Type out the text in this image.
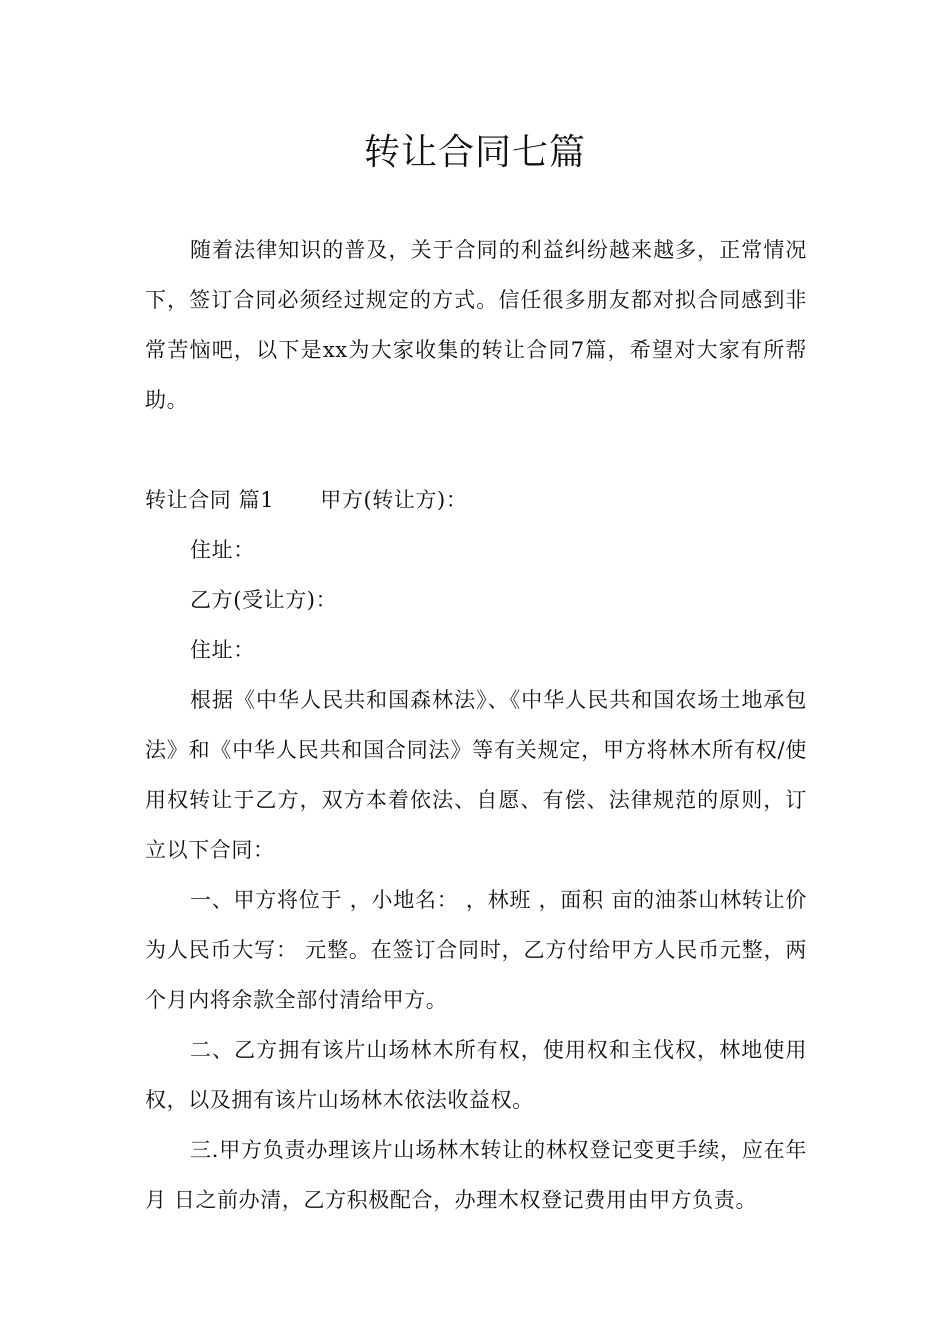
转让合同七篇

随着法律知识的普及，关于合同的利益纠纷越来越多，正常情况下，签订合同必须经过规定的方式。信任很多朋友都对拟合同感到非常苦恼吧，以下是xx为大家收集的转让合同7篇，希望对大家有所帮助。

转让合同 篇1 甲方(转让方)：

住址：

乙方(受让方)：

住址：

根据《中华人民共和国森林法》、《中华人民共和国农场土地承包法》和《中华人民共和国合同法》等有关规定，甲方将林木所有权/使用权转让于乙方，双方本着依法、自愿、有偿、法律规范的原则，订立以下合同：

一、甲方将位于 ，小地名： ，林班 ，面积 亩的油茶山林转让价为人民币大写： 元整。在签订合同时，乙方付给甲方人民币元整，两个月内将余款全部付清给甲方。

二、乙方拥有该片山场林木所有权，使用权和主伐权，林地使用权，以及拥有该片山场林木依法收益权。

三.甲方负责办理该片山场林木转让的林权登记变更手续，应在年 月 日之前办清，乙方积极配合，办理木权登记费用由甲方负责。
